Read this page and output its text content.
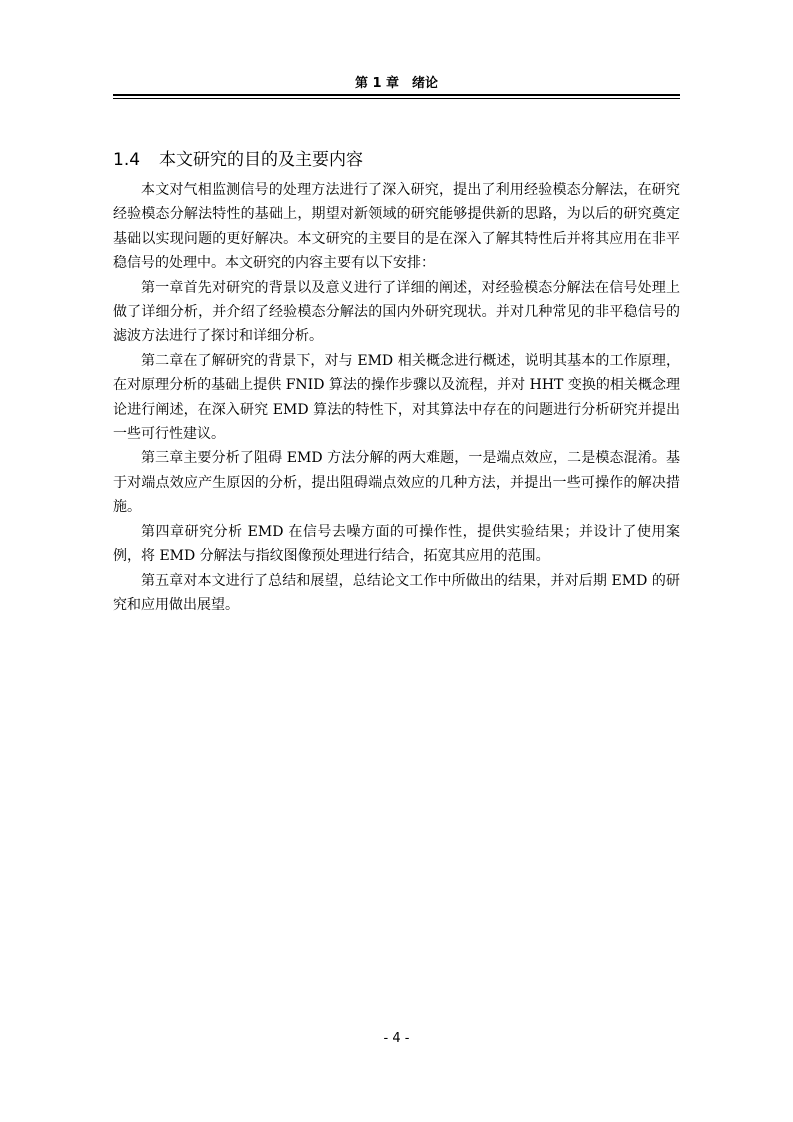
第 1 章　绪论
1.4 本文研究的目的及主要内容

本文对气相监测信号的处理方法进行了深入研究，提出了利用经验模态分解法，在研究经验模态分解法特性的基础上，期望对新领域的研究能够提供新的思路，为以后的研究奠定基础以实现问题的更好解决。本文研究的主要目的是在深入了解其特性后并将其应用在非平稳信号的处理中。本文研究的内容主要有以下安排：

第一章首先对研究的背景以及意义进行了详细的阐述，对经验模态分解法在信号处理上做了详细分析，并介绍了经验模态分解法的国内外研究现状。并对几种常见的非平稳信号的滤波方法进行了探讨和详细分析。

第二章在了解研究的背景下，对与 EMD 相关概念进行概述，说明其基本的工作原理，在对原理分析的基础上提供 FNID 算法的操作步骤以及流程，并对 HHT 变换的相关概念理论进行阐述，在深入研究 EMD 算法的特性下，对其算法中存在的问题进行分析研究并提出一些可行性建议。

第三章主要分析了阻碍 EMD 方法分解的两大难题，一是端点效应，二是模态混淆。基于对端点效应产生原因的分析，提出阻碍端点效应的几种方法，并提出一些可操作的解决措施。

第四章研究分析 EMD 在信号去噪方面的可操作性，提供实验结果；并设计了使用案例，将 EMD 分解法与指纹图像预处理进行结合，拓宽其应用的范围。

第五章对本文进行了总结和展望，总结论文工作中所做出的结果，并对后期 EMD 的研究和应用做出展望。

- 4 -
